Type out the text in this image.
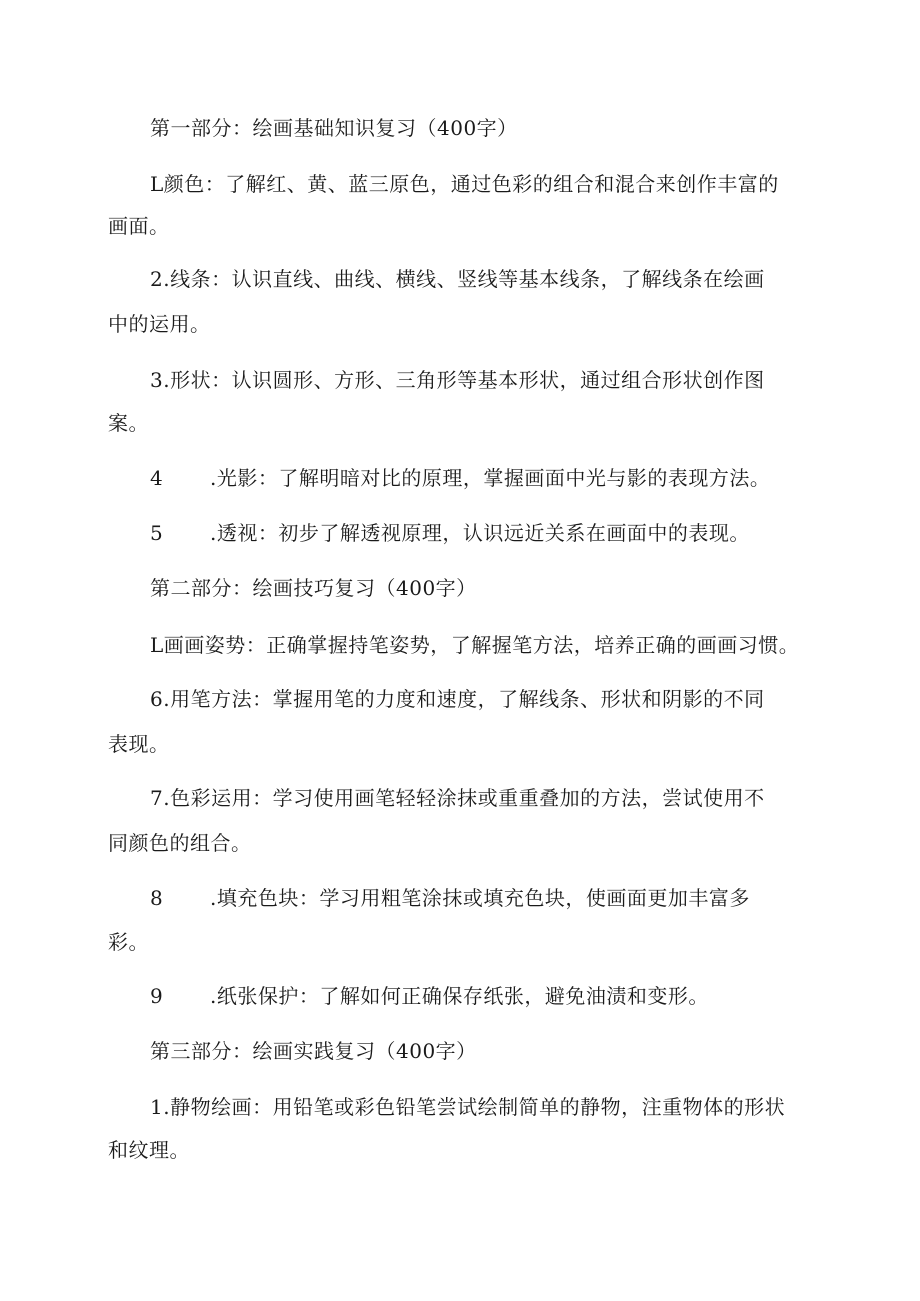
第一部分：绘画基础知识复习（400字）
L颜色：了解红、黄、蓝三原色，通过色彩的组合和混合来创作丰富的
画面。
2.线条：认识直线、曲线、横线、竖线等基本线条，了解线条在绘画
中的运用。
3.形状：认识圆形、方形、三角形等基本形状，通过组合形状创作图
案。
4 .光影：了解明暗对比的原理，掌握画面中光与影的表现方法。
5 .透视：初步了解透视原理，认识远近关系在画面中的表现。
第二部分：绘画技巧复习（400字）
L画画姿势：正确掌握持笔姿势，了解握笔方法，培养正确的画画习惯。
6.用笔方法：掌握用笔的力度和速度，了解线条、形状和阴影的不同
表现。
7.色彩运用：学习使用画笔轻轻涂抹或重重叠加的方法，尝试使用不
同颜色的组合。
8 .填充色块：学习用粗笔涂抹或填充色块，使画面更加丰富多
彩。
9 .纸张保护：了解如何正确保存纸张，避免油渍和变形。
第三部分：绘画实践复习（400字）
1.静物绘画：用铅笔或彩色铅笔尝试绘制简单的静物，注重物体的形状
和纹理。
